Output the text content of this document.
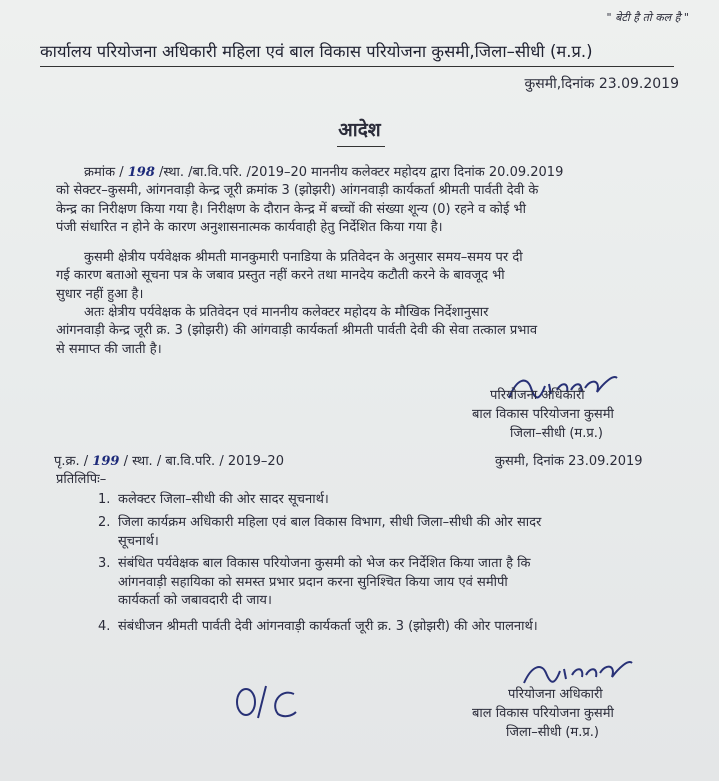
" बेटी है तो कल है "
कार्यालय परियोजना अधिकारी महिला एवं बाल विकास परियोजना कुसमी,जिला–सीधी (म.प्र.)
कुसमी,दिनांक 23.09.2019
आदेश
क्रमांक / 198 /स्था. /बा.वि.परि. /2019–20 माननीय कलेक्टर महोदय द्वारा दिनांक 20.09.2019
को सेक्टर–कुसमी, आंगनवाड़ी केन्द्र जूरी क्रमांक 3 (झोझरी) आंगनवाड़ी कार्यकर्ता श्रीमती पार्वती देवी के
केन्द्र का निरीक्षण किया गया है। निरीक्षण के दौरान केन्द्र में बच्चों की संख्या शून्य (0) रहने व कोई भी
पंजी संधारित न होने के कारण अनुशासनात्मक कार्यवाही हेतु निर्देशित किया गया है।
कुसमी क्षेत्रीय पर्यवेक्षक श्रीमती मानकुमारी पनाडिया के प्रतिवेदन के अनुसार समय–समय पर दी
गई कारण बताओ सूचना पत्र के जबाव प्रस्तुत नहीं करने तथा मानदेय कटौती करने के बावजूद भी
सुधार नहीं हुआ है।
अतः क्षेत्रीय पर्यवेक्षक के प्रतिवेदन एवं माननीय कलेक्टर महोदय के मौखिक निर्देशानुसार
आंगनवाड़ी केन्द्र जूरी क्र. 3 (झोझरी) की आंगवाड़ी कार्यकर्ता श्रीमती पार्वती देवी की सेवा तत्काल प्रभाव
से समाप्त की जाती है।
परियोजना अधिकारी
बाल विकास परियोजना कुसमी
जिला–सीधी (म.प्र.)
पृ.क्र. / 199 / स्था. / बा.वि.परि. / 2019–20	कुसमी, दिनांक 23.09.2019
प्रतिलिपिः–
1. कलेक्टर जिला–सीधी की ओर सादर सूचनार्थ।
2. जिला कार्यक्रम अधिकारी महिला एवं बाल विकास विभाग, सीधी जिला–सीधी की ओर सादर
सूचनार्थ।
3. संबंधित पर्यवेक्षक बाल विकास परियोजना कुसमी को भेज कर निर्देशित किया जाता है कि
आंगनवाड़ी सहायिका को समस्त प्रभार प्रदान करना सुनिश्चित किया जाय एवं समीपी
कार्यकर्ता को जबावदारी दी जाय।
4. संबंधीजन श्रीमती पार्वती देवी आंगनवाड़ी कार्यकर्ता जूरी क्र. 3 (झोझरी) की ओर पालनार्थ।
परियोजना अधिकारी
बाल विकास परियोजना कुसमी
जिला–सीधी (म.प्र.)
